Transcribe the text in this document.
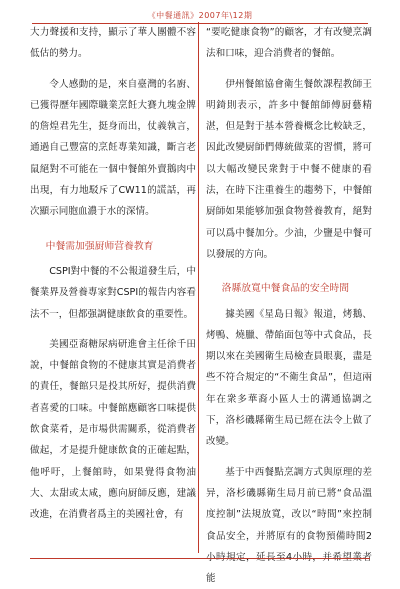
《中餐通訊》2007年\12期

大力聲援和支持，顯示了華人團體不容低估的勢力。

令人感動的是，來自臺灣的名廚、已獲得歷年國際職業烹飪大賽九塊金牌的詹煌君先生，挺身而出，仗義執言，通過自己豐富的烹飪專業知識，斷言老鼠絕對不可能在一個中餐館外賣鵝肉中出現，有力地駁斥了CW11的謊話，再次顯示同胞血濃于水的深情。

中餐需加强厨师营養教育

CSPI對中餐的不公報道發生后，中餐業界及營養專家對CSPI的報告内容看法不一，但都强調健康飲食的重要性。

美國亞裔糖尿病研進會主任徐千田說，中餐館食物的不健康其實是消費者的責任，餐館只是投其所好，提供消費者喜愛的口味。中餐館應顧客口味提供飲食菜肴，是市場供需關系，從消費者做起，才是提升健康飲食的正確起點，他呼吁，上餐館時，如果覺得食物油大、太甜或太咸，應向厨師反應，建議改進，在消費者爲主的美國社會，有

“要吃健康食物”的顧客，才有改變烹調法和口味，迎合消費者的餐館。

伊州餐館協會衛生餐飲課程教師王明錡則表示，許多中餐館師傅厨藝精湛，但是對于基本營養概念比較缺乏，因此改變厨師們傳統做菜的習慣，將可以大幅改變民衆對于中餐不健康的看法，在時下注重養生的趨勢下，中餐館厨師如果能够加强食物營養教育，絕對可以爲中餐加分。少油，少鹽是中餐可以發展的方向。

洛縣放寬中餐食品的安全時間

據美國《星島日報》報道，烤鵝、烤鴨、燒臘、帶餡面包等中式食品，長期以來在美國衛生局檢查員眼裏，盡是些不符合規定的“不衛生食品”，但這兩年在衆多華裔小區人士的溝通協調之下，洛杉磯縣衛生局已經在法令上做了改變。

基于中西餐點烹調方式與原理的差异，洛杉磯縣衛生局月前已將“食品溫度控制”法規放寬，改以“時間”來控制食品安全，并將原有的食物預備時間2小時規定，延長至4小時，并希望業者能
